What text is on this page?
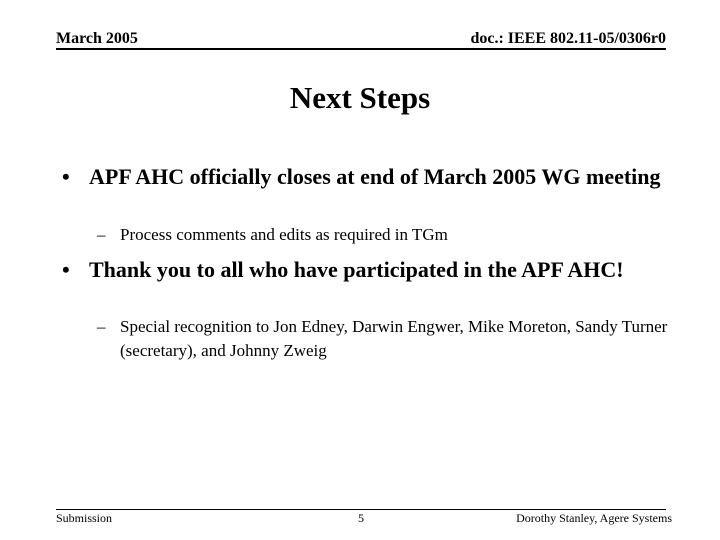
March 2005	doc.: IEEE 802.11-05/0306r0
Next Steps
• APF AHC officially closes at end of March 2005 WG meeting
– Process comments and edits as required in TGm
• Thank you to all who have participated in the APF AHC!
– Special recognition to Jon Edney, Darwin Engwer, Mike Moreton, Sandy Turner (secretary), and Johnny Zweig
Submission	5	Dorothy Stanley, Agere Systems
